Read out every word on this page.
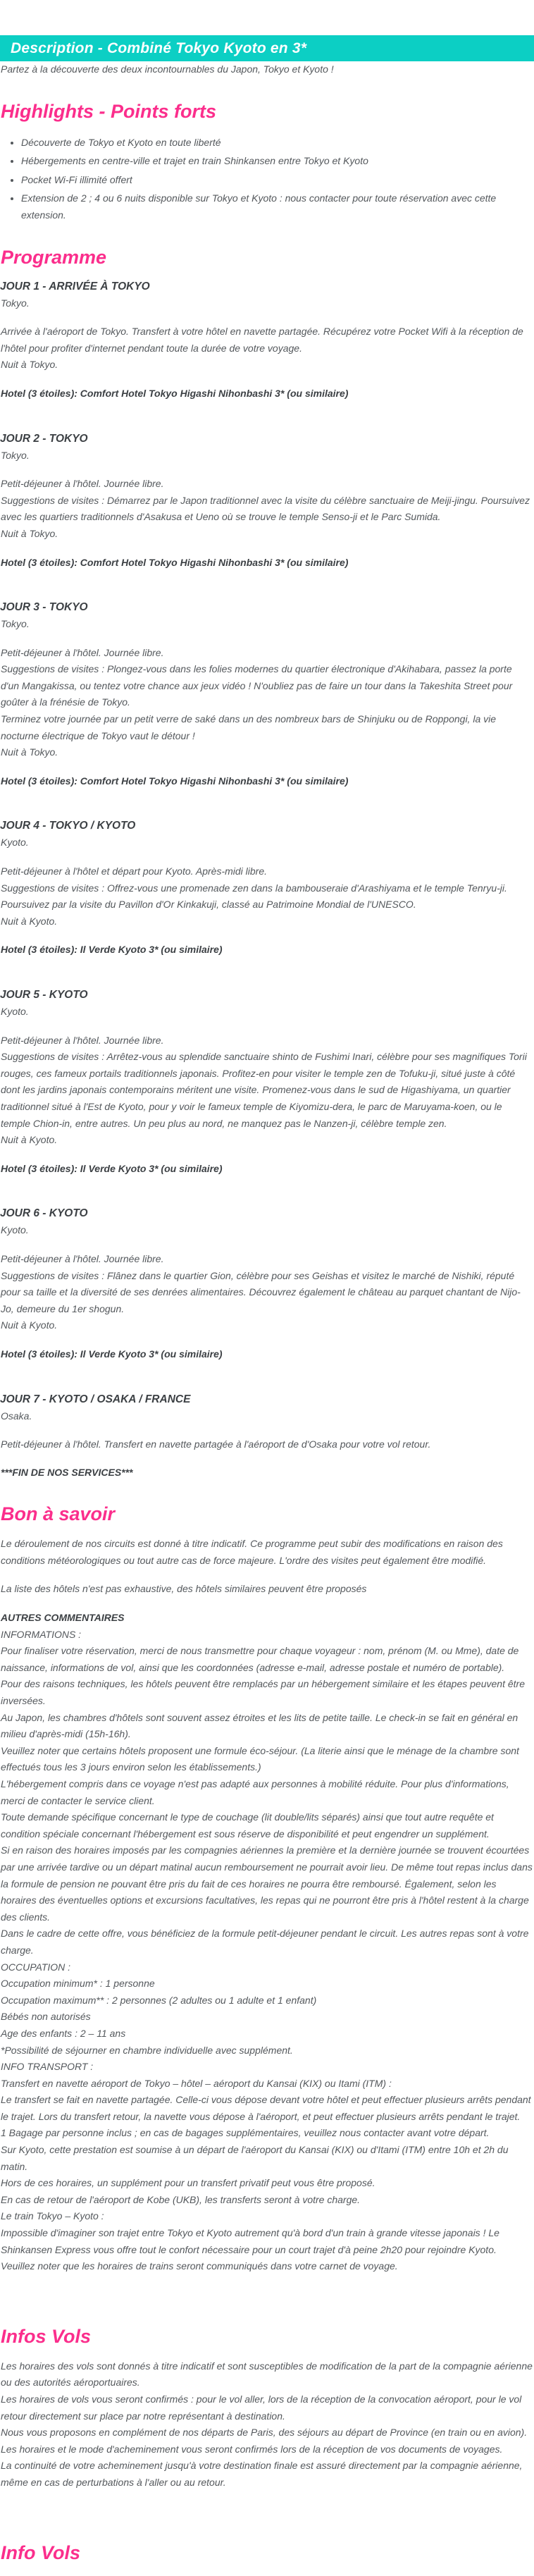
Description - Combiné Tokyo Kyoto en 3*

Partez à la découverte des deux incontournables du Japon, Tokyo et Kyoto !

Highlights - Points forts
• Découverte de Tokyo et Kyoto en toute liberté
• Hébergements en centre-ville et trajet en train Shinkansen entre Tokyo et Kyoto
• Pocket Wi-Fi illimité offert
• Extension de 2 ; 4 ou 6 nuits disponible sur Tokyo et Kyoto : nous contacter pour toute réservation avec cette extension.
Programme
JOUR 1 - ARRIVÉE À TOKYO

Tokyo.

Arrivée à l'aéroport de Tokyo. Transfert à votre hôtel en navette partagée. Récupérez votre Pocket Wifi à la réception de l'hôtel pour profiter d'internet pendant toute la durée de votre voyage.

Nuit à Tokyo.

Hotel (3 étoiles): Comfort Hotel Tokyo Higashi Nihonbashi 3* (ou similaire)

JOUR 2 - TOKYO

Tokyo.

Petit-déjeuner à l'hôtel. Journée libre.

Suggestions de visites : Démarrez par le Japon traditionnel avec la visite du célèbre sanctuaire de Meiji-jingu. Poursuivez avec les quartiers traditionnels d'Asakusa et Ueno où se trouve le temple Senso-ji et le Parc Sumida.

Nuit à Tokyo.

Hotel (3 étoiles): Comfort Hotel Tokyo Higashi Nihonbashi 3* (ou similaire)

JOUR 3 - TOKYO

Tokyo.

Petit-déjeuner à l'hôtel. Journée libre.

Suggestions de visites : Plongez-vous dans les folies modernes du quartier électronique d'Akihabara, passez la porte d'un Mangakissa, ou tentez votre chance aux jeux vidéo ! N'oubliez pas de faire un tour dans la Takeshita Street pour goûter à la frénésie de Tokyo.

Terminez votre journée par un petit verre de saké dans un des nombreux bars de Shinjuku ou de Roppongi, la vie nocturne électrique de Tokyo vaut le détour !

Nuit à Tokyo.

Hotel (3 étoiles): Comfort Hotel Tokyo Higashi Nihonbashi 3* (ou similaire)

JOUR 4 - TOKYO / KYOTO

Kyoto.

Petit-déjeuner à l'hôtel et départ pour Kyoto. Après-midi libre.

Suggestions de visites : Offrez-vous une promenade zen dans la bambouseraie d'Arashiyama et le temple Tenryu-ji. Poursuivez par la visite du Pavillon d'Or Kinkakuji, classé au Patrimoine Mondial de l'UNESCO.

Nuit à Kyoto.

Hotel (3 étoiles): Il Verde Kyoto 3* (ou similaire)

JOUR 5 - KYOTO

Kyoto.

Petit-déjeuner à l'hôtel. Journée libre.

Suggestions de visites : Arrêtez-vous au splendide sanctuaire shinto de Fushimi Inari, célèbre pour ses magnifiques Torii rouges, ces fameux portails traditionnels japonais. Profitez-en pour visiter le temple zen de Tofuku-ji, situé juste à côté dont les jardins japonais contemporains méritent une visite. Promenez-vous dans le sud de Higashiyama, un quartier traditionnel situé à l'Est de Kyoto, pour y voir le fameux temple de Kiyomizu-dera, le parc de Maruyama-koen, ou le temple Chion-in, entre autres. Un peu plus au nord, ne manquez pas le Nanzen-ji, célèbre temple zen.

Nuit à Kyoto.

Hotel (3 étoiles): Il Verde Kyoto 3* (ou similaire)

JOUR 6 - KYOTO

Kyoto.

Petit-déjeuner à l'hôtel. Journée libre.

Suggestions de visites : Flânez dans le quartier Gion, célèbre pour ses Geishas et visitez le marché de Nishiki, réputé pour sa taille et la diversité de ses denrées alimentaires. Découvrez également le château au parquet chantant de Nijo-Jo, demeure du 1er shogun.

Nuit à Kyoto.

Hotel (3 étoiles): Il Verde Kyoto 3* (ou similaire)

JOUR 7 - KYOTO / OSAKA / FRANCE

Osaka.

Petit-déjeuner à l'hôtel. Transfert en navette partagée à l'aéroport de d'Osaka pour votre vol retour.

***FIN DE NOS SERVICES***

Bon à savoir

Le déroulement de nos circuits est donné à titre indicatif. Ce programme peut subir des modifications en raison des conditions météorologiques ou tout autre cas de force majeure. L'ordre des visites peut également être modifié.

La liste des hôtels n'est pas exhaustive, des hôtels similaires peuvent être proposés

AUTRES COMMENTAIRES

INFORMATIONS :

Pour finaliser votre réservation, merci de nous transmettre pour chaque voyageur : nom, prénom (M. ou Mme), date de naissance, informations de vol, ainsi que les coordonnées (adresse e-mail, adresse postale et numéro de portable).

Pour des raisons techniques, les hôtels peuvent être remplacés par un hébergement similaire et les étapes peuvent être inversées.

Au Japon, les chambres d'hôtels sont souvent assez étroites et les lits de petite taille. Le check-in se fait en général en milieu d'après-midi (15h-16h).

Veuillez noter que certains hôtels proposent une formule éco-séjour. (La literie ainsi que le ménage de la chambre sont effectués tous les 3 jours environ selon les établissements.)

L'hébergement compris dans ce voyage n'est pas adapté aux personnes à mobilité réduite. Pour plus d'informations, merci de contacter le service client.

Toute demande spécifique concernant le type de couchage (lit double/lits séparés) ainsi que tout autre requête et condition spéciale concernant l'hébergement est sous réserve de disponibilité et peut engendrer un supplément.

Si en raison des horaires imposés par les compagnies aériennes la première et la dernière journée se trouvent écourtées par une arrivée tardive ou un départ matinal aucun remboursement ne pourrait avoir lieu. De même tout repas inclus dans la formule de pension ne pouvant être pris du fait de ces horaires ne pourra être remboursé. Également, selon les horaires des éventuelles options et excursions facultatives, les repas qui ne pourront être pris à l'hôtel restent à la charge des clients.

Dans le cadre de cette offre, vous bénéficiez de la formule petit-déjeuner pendant le circuit. Les autres repas sont à votre charge.

OCCUPATION :

Occupation minimum* : 1 personne

Occupation maximum** : 2 personnes (2 adultes ou 1 adulte et 1 enfant)

Bébés non autorisés

Age des enfants : 2 – 11 ans

*Possibilité de séjourner en chambre individuelle avec supplément.

INFO TRANSPORT :

Transfert en navette aéroport de Tokyo – hôtel – aéroport du Kansai (KIX) ou Itami (ITM) :

Le transfert se fait en navette partagée. Celle-ci vous dépose devant votre hôtel et peut effectuer plusieurs arrêts pendant le trajet. Lors du transfert retour, la navette vous dépose à l'aéroport, et peut effectuer plusieurs arrêts pendant le trajet.

1 Bagage par personne inclus ; en cas de bagages supplémentaires, veuillez nous contacter avant votre départ.

Sur Kyoto, cette prestation est soumise à un départ de l'aéroport du Kansai (KIX) ou d'Itami (ITM) entre 10h et 2h du matin.

Hors de ces horaires, un supplément pour un transfert privatif peut vous être proposé.

En cas de retour de l'aéroport de Kobe (UKB), les transferts seront à votre charge.

Le train Tokyo – Kyoto :

Impossible d'imaginer son trajet entre Tokyo et Kyoto autrement qu'à bord d'un train à grande vitesse japonais ! Le Shinkansen Express vous offre tout le confort nécessaire pour un court trajet d'à peine 2h20 pour rejoindre Kyoto.

Veuillez noter que les horaires de trains seront communiqués dans votre carnet de voyage.

Infos Vols

Les horaires des vols sont donnés à titre indicatif et sont susceptibles de modification de la part de la compagnie aérienne ou des autorités aéroportuaires.

Les horaires de vols vous seront confirmés : pour le vol aller, lors de la réception de la convocation aéroport, pour le vol retour directement sur place par notre représentant à destination.

Nous vous proposons en complément de nos départs de Paris, des séjours au départ de Province (en train ou en avion).

Les horaires et le mode d'acheminement vous seront confirmés lors de la réception de vos documents de voyages.

La continuité de votre acheminement jusqu'à votre destination finale est assuré directement par la compagnie aérienne, même en cas de perturbations à l'aller ou au retour.

Info Vols
